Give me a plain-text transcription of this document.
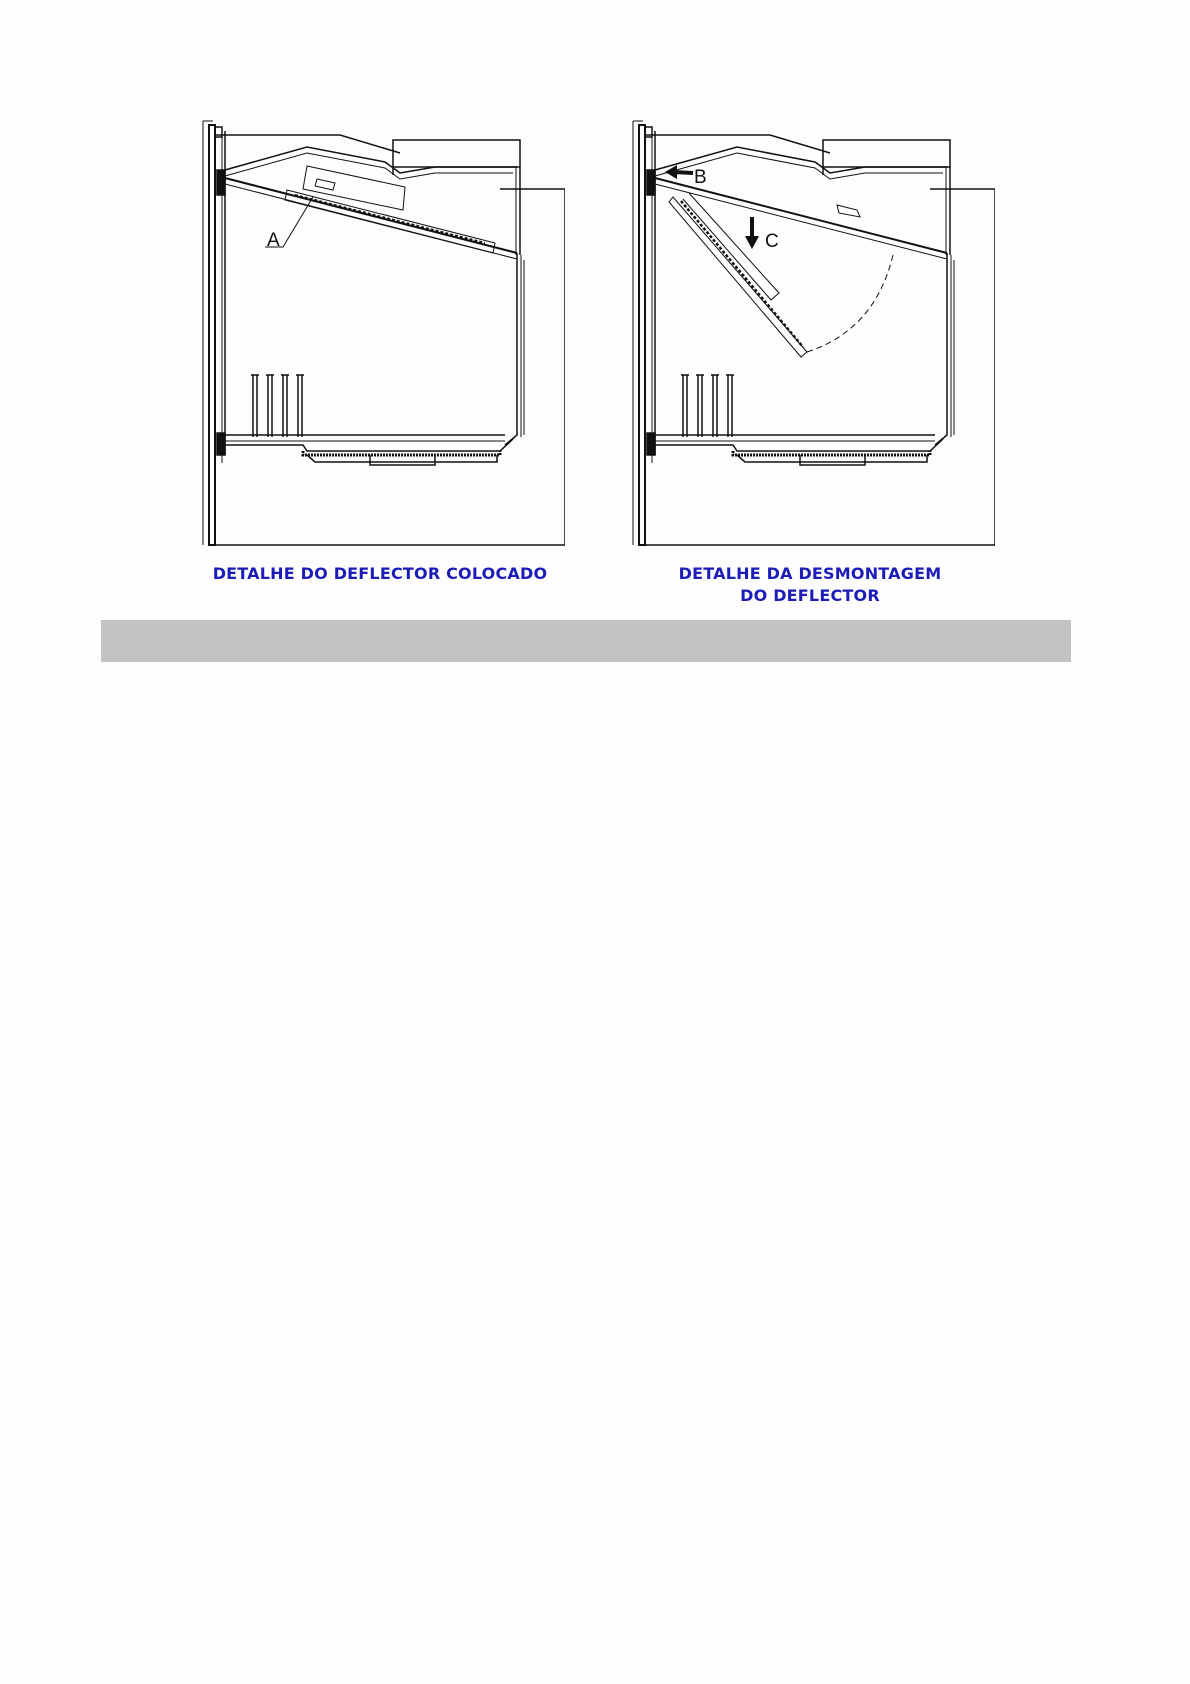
A
DETALHE DO DEFLECTOR COLOCADO
B
C
DETALHE DA DESMONTAGEM
DO DEFLECTOR
